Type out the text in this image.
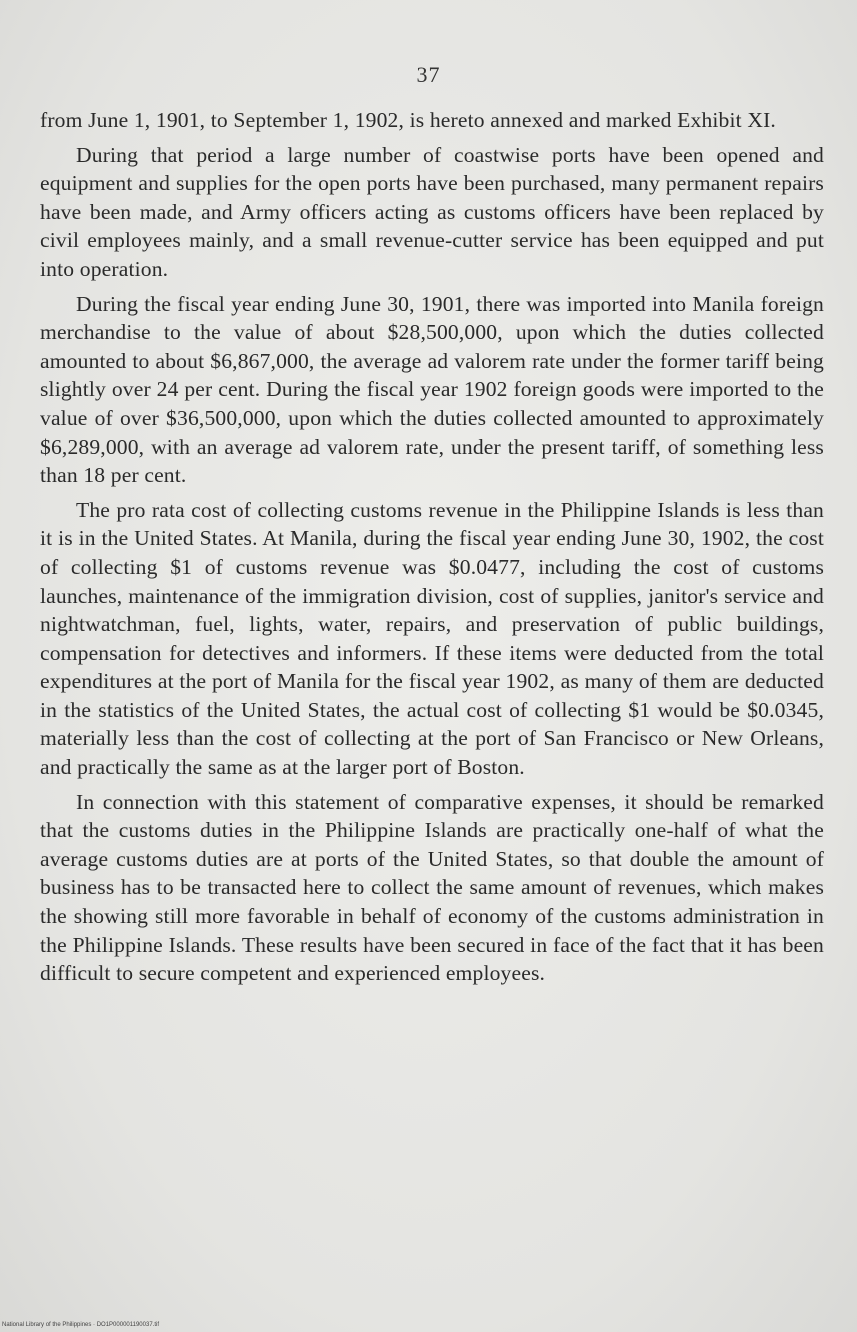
37

from June 1, 1901, to September 1, 1902, is hereto annexed and marked Exhibit XI.

During that period a large number of coastwise ports have been opened and equipment and supplies for the open ports have been purchased, many permanent repairs have been made, and Army officers acting as customs officers have been replaced by civil employees mainly, and a small revenue-cutter service has been equipped and put into operation.

During the fiscal year ending June 30, 1901, there was imported into Manila foreign merchandise to the value of about $28,500,000, upon which the duties collected amounted to about $6,867,000, the average ad valorem rate under the former tariff being slightly over 24 per cent. During the fiscal year 1902 foreign goods were imported to the value of over $36,500,000, upon which the duties collected amounted to approximately $6,289,000, with an average ad valorem rate, under the present tariff, of something less than 18 per cent.

The pro rata cost of collecting customs revenue in the Philippine Islands is less than it is in the United States. At Manila, during the fiscal year ending June 30, 1902, the cost of collecting $1 of customs revenue was $0.0477, including the cost of customs launches, maintenance of the immigration division, cost of supplies, janitor's service and nightwatchman, fuel, lights, water, repairs, and preservation of public buildings, compensation for detectives and informers. If these items were deducted from the total expenditures at the port of Manila for the fiscal year 1902, as many of them are deducted in the statistics of the United States, the actual cost of collecting $1 would be $0.0345, materially less than the cost of collecting at the port of San Francisco or New Orleans, and practically the same as at the larger port of Boston.

In connection with this statement of comparative expenses, it should be remarked that the customs duties in the Philippine Islands are practically one-half of what the average customs duties are at ports of the United States, so that double the amount of business has to be transacted here to collect the same amount of revenues, which makes the showing still more favorable in behalf of economy of the customs administration in the Philippine Islands. These results have been secured in face of the fact that it has been difficult to secure competent and experienced employees.

National Library of the Philippines · DO1P000001190037.tif
